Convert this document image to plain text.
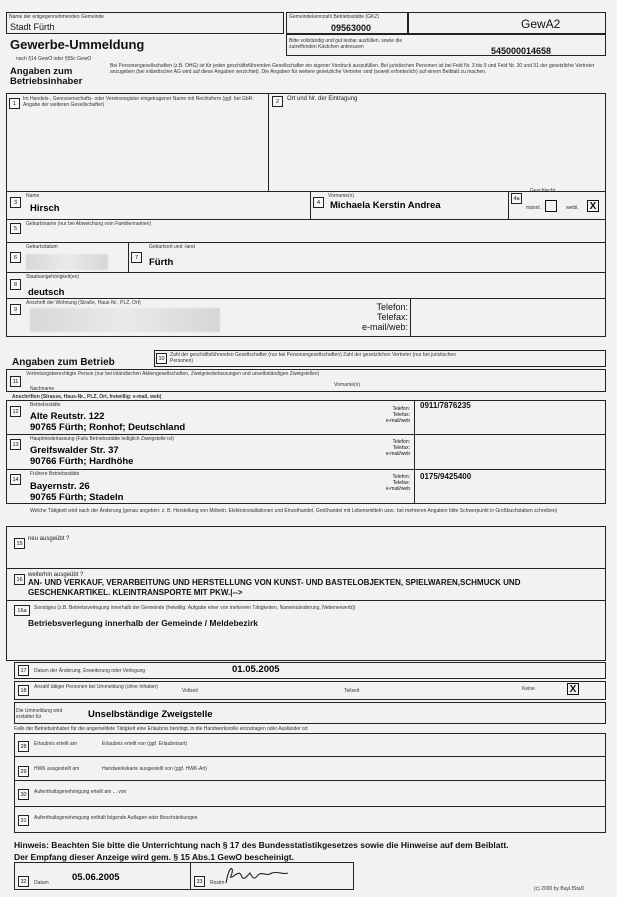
Name der entgegennehmenden Gemeinde
Stadt Fürth
Gewerbe-Ummeldung
nach §14 GewO oder §55c GewO
Gemeindekennzahl Betriebsstätte (GKZ)
09563000	GewA2
Bitte vollständig und gut lesbar ausfüllen, sowie die zutreffenden Kästchen ankreuzen	545000014658
Angaben zum Betriebsinhaber
Bei Personengesellschaften (z.B. OHG) ist für jeden geschäftsführenden Gesellschafter ein eigener Vordruck auszufüllen. Bei juristischen Personen ist bei Feld Nr. 3 bis 9 und Feld Nr. 30 und 31 der gesetzliche Vertreter anzugeben (bei inländischer AG wird auf diese Angaben verzichtet). Die Angaben für weitere gesetzliche Vertreter sind (soweit erforderlich) auf einem Beiblatt zu machen.
1
Im Handels-, Genossenschafts- oder Vereinsregister eingetragener Name mit Rechtsform (ggf. bei GbR: Angabe der weiteren Gesellschafter)	2	Ort und Nr. der Eintragung
3
Name
Hirsch	4
Vorname(n)
Michaela Kerstin Andrea
4a
Geschlecht
männl.	weibl. X
5
Geburtsname (nur bei Abweichung vom Familiennamen)
6
Geburtsdatum
7
Geburtsort und -land
Fürth
8
Staatsangehörigkeit(en)
deutsch
9
Anschrift der Wohnung (Straße, Haus-Nr., PLZ, Ort)	Telefon:
Telefax:
e-mail/web:
Angaben zum Betrieb	10
Zahl der geschäftsführenden Gesellschafter (nur bei Personengesellschaften) Zahl der gesetzlichen Vertreter (nur bei juristischen Personen)
11
Vertretungsberechtigte Person (nur bei inländischen Aktiengesellschaften, Zweigniederlassungen und unselbständigen Zweigstellen)
Vorname(n)
Nachname
Anschriften (Strasse, Haus-Nr., PLZ, Ort, freiwillig: e-mail, web)
12
Betriebsstätte
Alte Reutstr. 122
90765 Fürth; Ronhof; Deutschland
Telefon:
Telefax:
e-mail/web
0911/7876235
13
Hauptniederlassung (Falls Betriebsstätte lediglich Zweigstelle ist)
Greifswalder Str. 37
90766 Fürth; Hardhöhe
Telefon:
Telefax:
e-mail/web
14
Frühere Betriebsstätte
Bayernstr. 26
90765 Fürth; Stadeln
Telefon:
Telefax:
e-mail/web
0175/9425400
Welche Tätigkeit wird nach der Änderung (genau angeben: z. B. Herstellung von Möbeln, Elektroinstallationen und Einzelhandel, Großhandel mit Lebensmitteln usw.; bei mehreren Angaben bitte Schwerpunkt in Großbuchstaben schreiben)
15
neu ausgeübt ?
16
weiterhin ausgeübt ?
AN- UND VERKAUF, VERARBEITUNG UND HERSTELLUNG VON KUNST- UND BASTELOBJEKTEN, SPIELWAREN,SCHMUCK UND
GESCHENKARTIKEL. KLEINTRANSPORTE MIT PKW.|-->
16a	Sonstiges (z.B. Betriebsverlegung innerhalb der Gemeinde (freiwillig: Aufgabe einer von mehreren Tätigkeiten, Namensänderung, Nebenerwerb))
Betriebsverlegung innerhalb der Gemeinde / Meldebezirk
17	Datum der Änderung, Erweiterung oder Verlegung	01.05.2005
18
Anzahl tätiger Personen bei Ummeldung (ohne Inhaber)
Vollzeit	Teilzeit	Keine	X
Die Ummeldung wird erstattet für	Unselbständige Zweigstelle
Falls der Betriebsinhaber für die angemeldete Tätigkeit eine Erlaubnis benötigt, in die Handwerksrolle einzutragen oder Ausländer ist:
28	Erlaubnis erteilt am	Erlaubnis erteilt von (ggf. Erlaubnisart)
29	HWK ausgestellt am	Handwerkskarte ausgestellt von (ggf. HWK-Art)
30	Aufenthaltsgenehmigung erteilt am ... von
31	Aufenthaltsgenehmigung enthält folgende Auflagen oder Beschränkungen
Hinweis: Beachten Sie bitte die Unterrichtung nach § 17 des Bundesstatistikgesetzes sowie die Hinweise auf dem Beiblatt.
Der Empfang dieser Anzeige wird gem. § 15 Abs.1 GewO bescheinigt.
32	Datum 05.06.2005	33	Rostm
(c) 2000 by BayLfStaD
